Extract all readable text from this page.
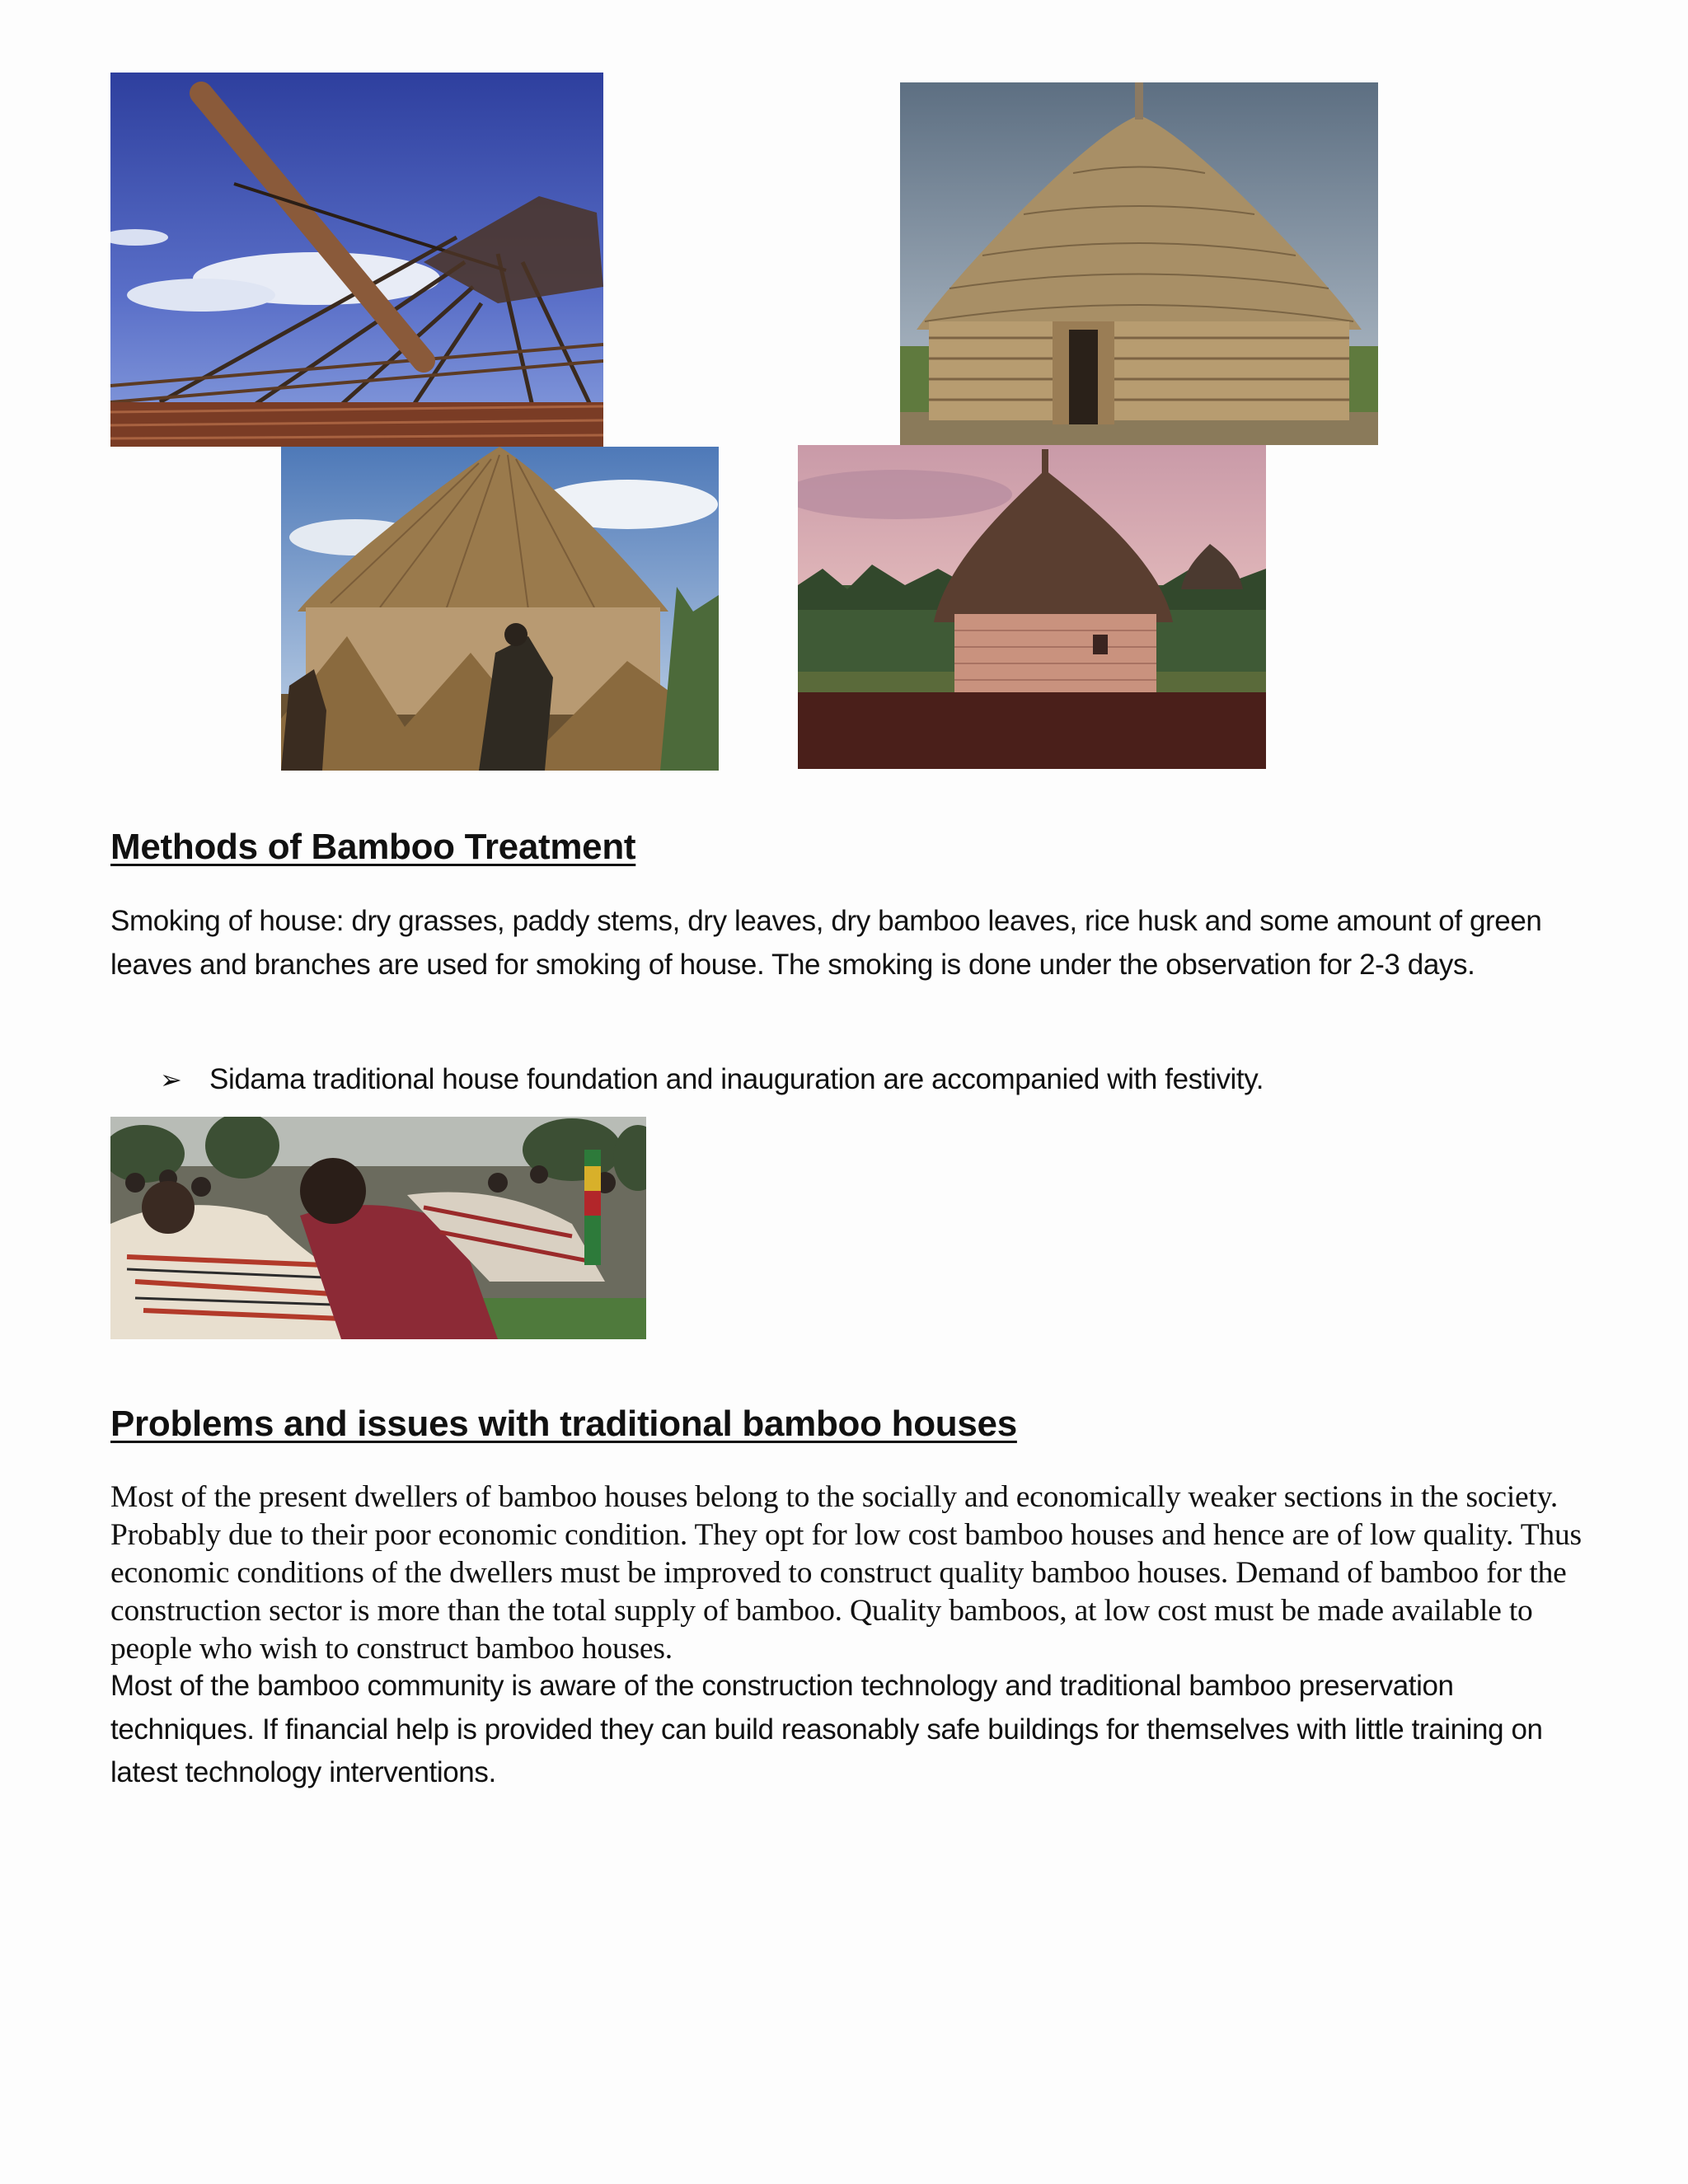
Methods of Bamboo Treatment

Smoking of house: dry grasses, paddy stems, dry leaves, dry bamboo leaves, rice husk and some amount of green leaves and branches are used for smoking of house. The smoking is done under the observation for 2-3 days.

➢ Sidama traditional house foundation and inauguration are accompanied with festivity.
Problems and issues with traditional bamboo houses

Most of the present dwellers of bamboo houses belong to the socially and economically weaker sections in the society. Probably due to their poor economic condition. They opt for low cost bamboo houses and hence are of low quality. Thus economic conditions of the dwellers must be improved to construct quality bamboo houses. Demand of bamboo for the construction sector is more than the total supply of bamboo. Quality bamboos, at low cost must be made available to people who wish to construct bamboo houses.

Most of the bamboo community is aware of the construction technology and traditional bamboo preservation techniques. If financial help is provided they can build reasonably safe buildings for themselves with little training on latest technology interventions.
